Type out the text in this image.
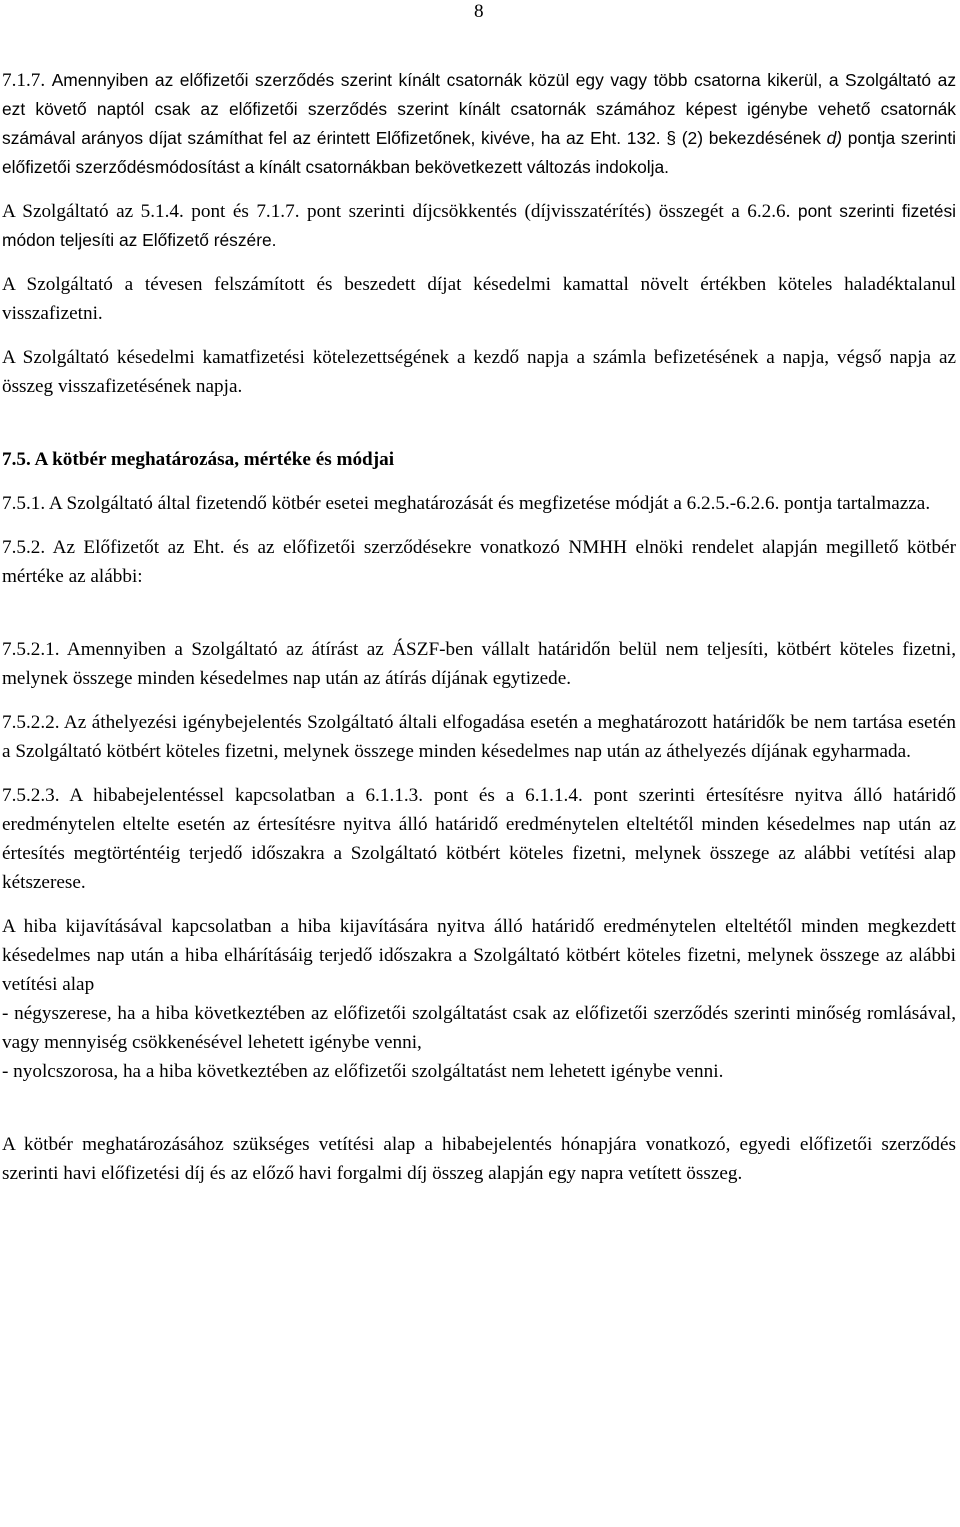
8

7.1.7. Amennyiben az előfizetői szerződés szerint kínált csatornák közül egy vagy több csatorna kikerül, a Szolgáltató az ezt követő naptól csak az előfizetői szerződés szerint kínált csatornák számához képest igénybe vehető csatornák számával arányos díjat számíthat fel az érintett Előfizetőnek, kivéve, ha az Eht. 132. § (2) bekezdésének d) pontja szerinti előfizetői szerződésmódosítást a kínált csatornákban bekövetkezett változás indokolja.

A Szolgáltató az 5.1.4. pont és 7.1.7. pont szerinti díjcsökkentés (díjvisszatérítés) összegét a 6.2.6. pont szerinti fizetési módon teljesíti az Előfizető részére.

A Szolgáltató a tévesen felszámított és beszedett díjat késedelmi kamattal növelt értékben köteles haladéktalanul visszafizetni.

A Szolgáltató késedelmi kamatfizetési kötelezettségének a kezdő napja a számla befizetésének a napja, végső napja az összeg visszafizetésének napja.

7.5. A kötbér meghatározása, mértéke és módjai

7.5.1. A Szolgáltató által fizetendő kötbér esetei meghatározását és megfizetése módját a 6.2.5.-6.2.6. pontja tartalmazza.

7.5.2. Az Előfizetőt az Eht. és az előfizetői szerződésekre vonatkozó NMHH elnöki rendelet alapján megillető kötbér mértéke az alábbi:

7.5.2.1. Amennyiben a Szolgáltató az átírást az ÁSZF-ben vállalt határidőn belül nem teljesíti, kötbért köteles fizetni, melynek összege minden késedelmes nap után az átírás díjának egytizede.

7.5.2.2. Az áthelyezési igénybejelentés Szolgáltató általi elfogadása esetén a meghatározott határidők be nem tartása esetén a Szolgáltató kötbért köteles fizetni, melynek összege minden késedelmes nap után az áthelyezés díjának egyharmada.

7.5.2.3. A hibabejelentéssel kapcsolatban a 6.1.1.3. pont és a 6.1.1.4. pont szerinti értesítésre nyitva álló határidő eredménytelen eltelte esetén az értesítésre nyitva álló határidő eredménytelen elteltétől minden késedelmes nap után az értesítés megtörténtéig terjedő időszakra a Szolgáltató kötbért köteles fizetni, melynek összege az alábbi vetítési alap kétszerese.

A hiba kijavításával kapcsolatban a hiba kijavítására nyitva álló határidő eredménytelen elteltétől minden megkezdett késedelmes nap után a hiba elhárításáig terjedő időszakra a Szolgáltató kötbért köteles fizetni, melynek összege az alábbi vetítési alap

- négyszerese, ha a hiba következtében az előfizetői szolgáltatást csak az előfizetői szerződés szerinti minőség romlásával, vagy mennyiség csökkenésével lehetett igénybe venni,

- nyolcszorosa, ha a hiba következtében az előfizetői szolgáltatást nem lehetett igénybe venni.

A kötbér meghatározásához szükséges vetítési alap a hibabejelentés hónapjára vonatkozó, egyedi előfizetői szerződés szerinti havi előfizetési díj és az előző havi forgalmi díj összeg alapján egy napra vetített összeg.
